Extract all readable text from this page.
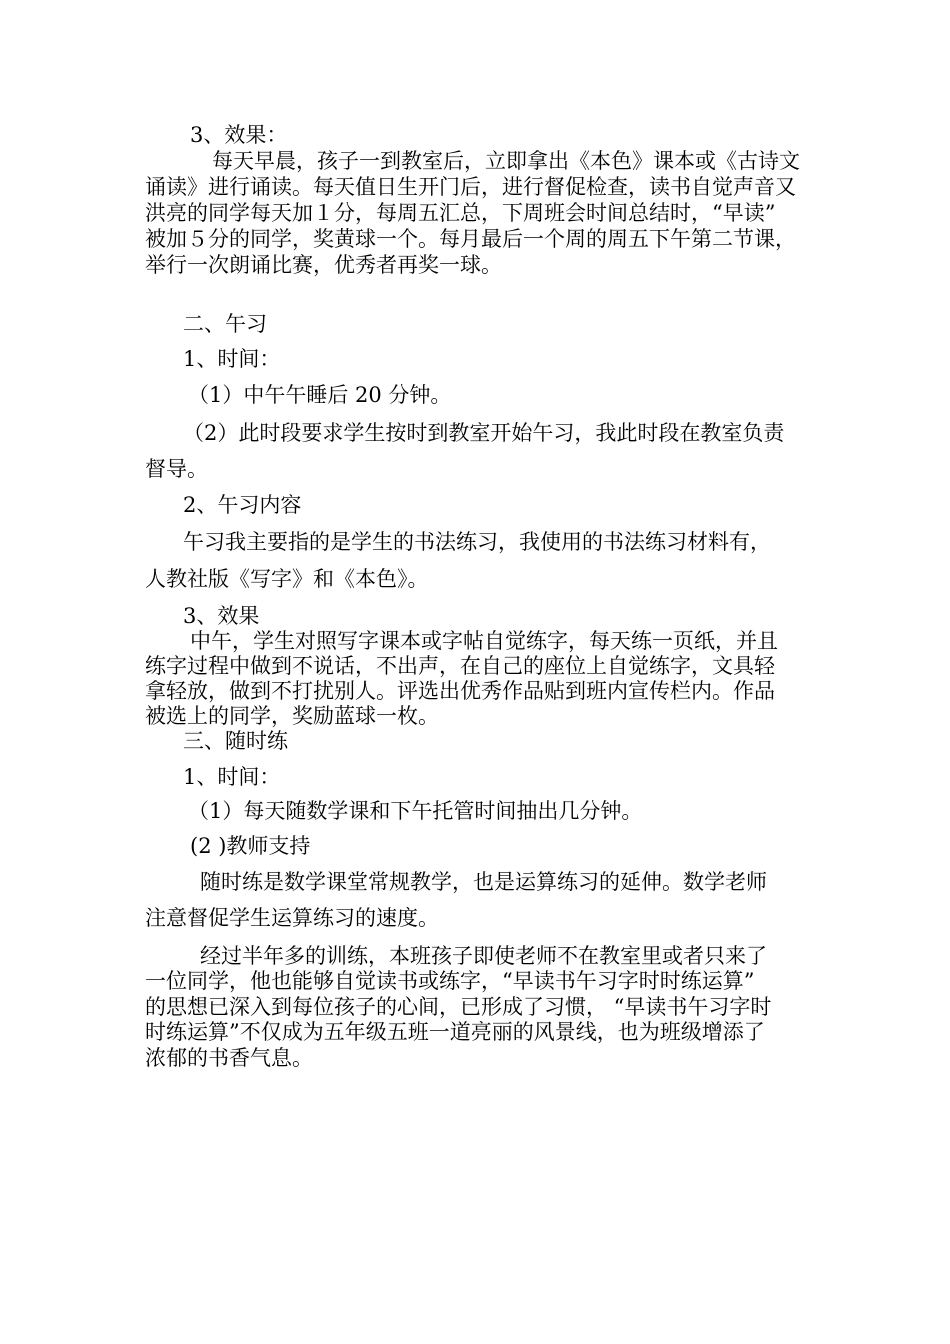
3、效果：
每天早晨，孩子一到教室后，立即拿出《本色》课本或《古诗文
诵读》进行诵读。每天值日生开门后，进行督促检查，读书自觉声音又
洪亮的同学每天加１分，每周五汇总，下周班会时间总结时，“早读”
被加５分的同学，奖黄球一个。每月最后一个周的周五下午第二节课，
举行一次朗诵比赛，优秀者再奖一球。
二、午习
1、时间：
（1）中午午睡后 20 分钟。
（2）此时段要求学生按时到教室开始午习，我此时段在教室负责
督导。
2、午习内容
午习我主要指的是学生的书法练习，我使用的书法练习材料有，
人教社版《写字》和《本色》。
3、效果
中午，学生对照写字课本或字帖自觉练字，每天练一页纸，并且
练字过程中做到不说话，不出声，在自己的座位上自觉练字，文具轻
拿轻放，做到不打扰别人。评选出优秀作品贴到班内宣传栏内。作品
被选上的同学，奖励蓝球一枚。
三、随时练
1、时间：
（1）每天随数学课和下午托管时间抽出几分钟。
(2 )教师支持
随时练是数学课堂常规教学，也是运算练习的延伸。数学老师
注意督促学生运算练习的速度。
经过半年多的训练，本班孩子即使老师不在教室里或者只来了
一位同学，他也能够自觉读书或练字，“早读书午习字时时练运算”
的思想已深入到每位孩子的心间，已形成了习惯， “早读书午习字时
时练运算”不仅成为五年级五班一道亮丽的风景线，也为班级增添了
浓郁的书香气息。
